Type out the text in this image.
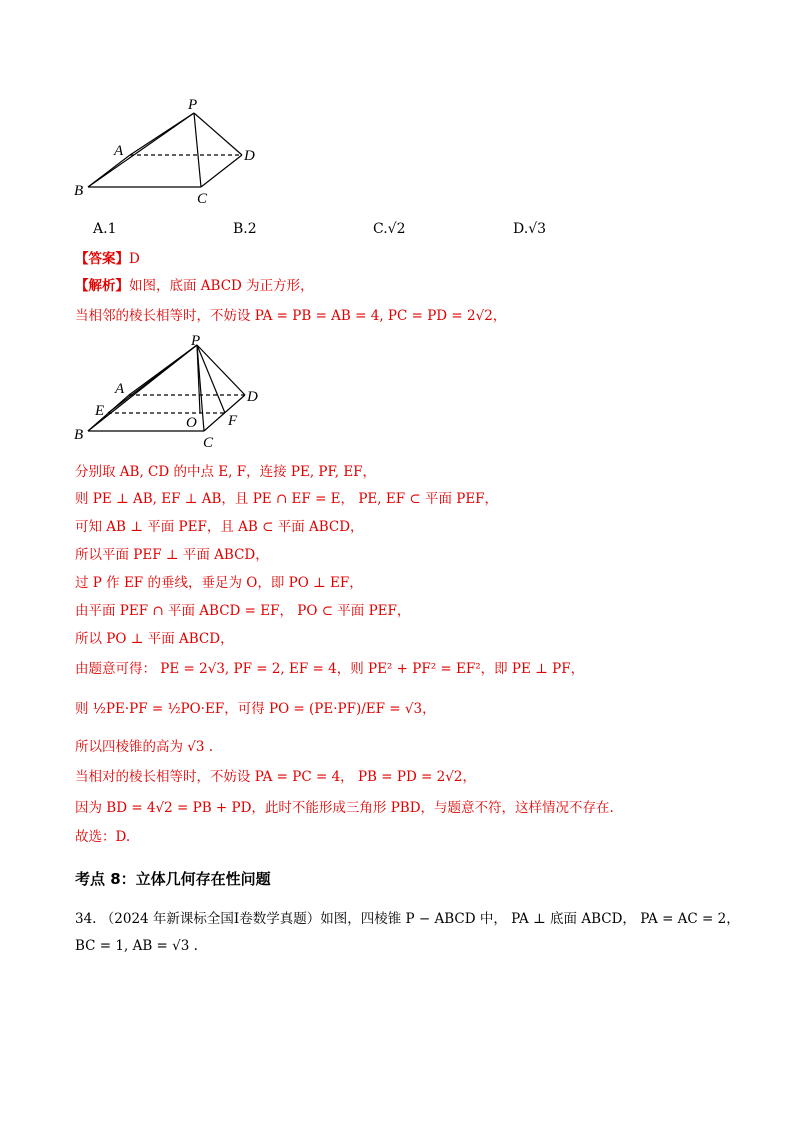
P
A	D
B	C
A.1	B.2	C.√2	D.√3
【答案】D
【解析】如图，底面 ABCD 为正方形，
当相邻的棱长相等时，不妨设 PA = PB = AB = 4, PC = PD = 2√2，
P
A
E
B
O F
C
D
分别取 AB, CD 的中点 E, F，连接 PE, PF, EF，
则 PE ⊥ AB, EF ⊥ AB，且 PE ∩ EF = E， PE, EF ⊂ 平面 PEF，
可知 AB ⊥ 平面 PEF，且 AB ⊂ 平面 ABCD，
所以平面 PEF ⊥ 平面 ABCD，
过 P 作 EF 的垂线，垂足为 O，即 PO ⊥ EF，
由平面 PEF ∩ 平面 ABCD = EF， PO ⊂ 平面 PEF，
所以 PO ⊥ 平面 ABCD，
由题意可得： PE = 2√3, PF = 2, EF = 4，则 PE² + PF² = EF²，即 PE ⊥ PF，
则 ½PE·PF = ½PO·EF，可得 PO = (PE·PF)/EF = √3，
所以四棱锥的高为 √3 .
当相对的棱长相等时，不妨设 PA = PC = 4， PB = PD = 2√2，
因为 BD = 4√2 = PB + PD，此时不能形成三角形 PBD，与题意不符，这样情况不存在.
故选：D.
考点 8：立体几何存在性问题
34. （2024 年新课标全国Ⅰ卷数学真题）如图，四棱锥 P − ABCD 中， PA ⊥ 底面 ABCD， PA = AC = 2，
BC = 1, AB = √3 .
